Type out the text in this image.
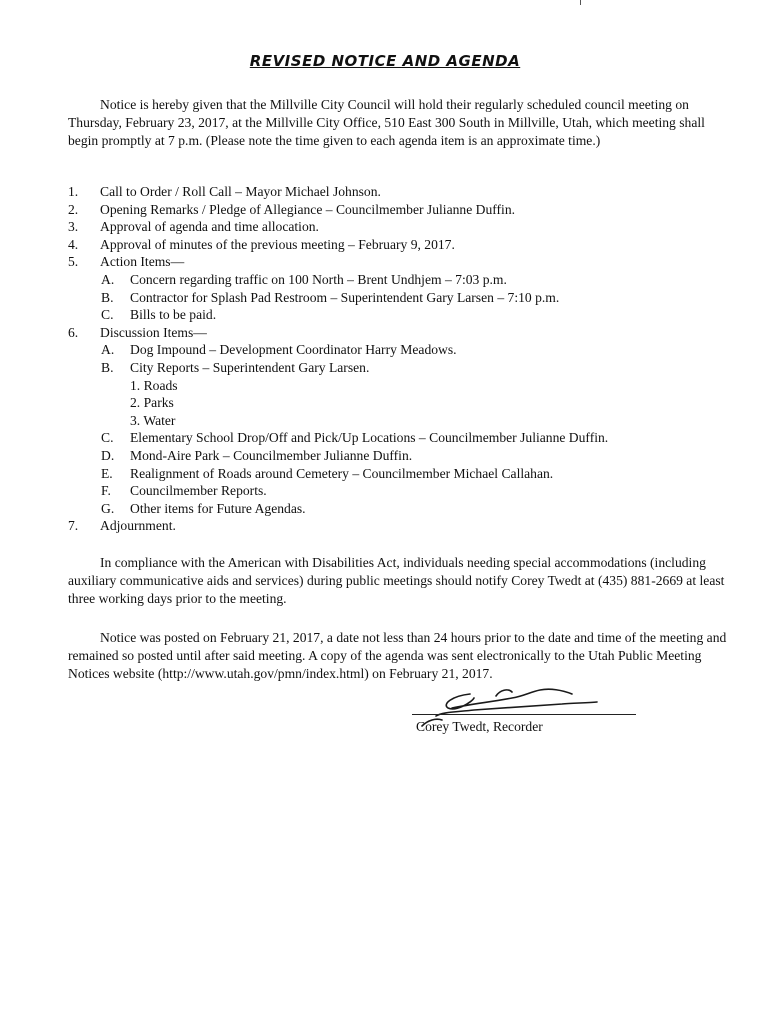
REVISED NOTICE AND AGENDA

Notice is hereby given that the Millville City Council will hold their regularly scheduled council meeting on Thursday, February 23, 2017, at the Millville City Office, 510 East 300 South in Millville, Utah, which meeting shall begin promptly at 7 p.m. (Please note the time given to each agenda item is an approximate time.)

1. Call to Order / Roll Call – Mayor Michael Johnson.
2. Opening Remarks / Pledge of Allegiance – Councilmember Julianne Duffin.
3. Approval of agenda and time allocation.
4. Approval of minutes of the previous meeting – February 9, 2017.
5. Action Items—
A. Concern regarding traffic on 100 North – Brent Undhjem – 7:03 p.m.
B. Contractor for Splash Pad Restroom – Superintendent Gary Larsen – 7:10 p.m.
C. Bills to be paid.
6. Discussion Items—
A. Dog Impound – Development Coordinator Harry Meadows.
B. City Reports – Superintendent Gary Larsen.
1. Roads
2. Parks
3. Water
C. Elementary School Drop/Off and Pick/Up Locations – Councilmember Julianne Duffin.
D. Mond-Aire Park – Councilmember Julianne Duffin.
E. Realignment of Roads around Cemetery – Councilmember Michael Callahan.
F. Councilmember Reports.
G. Other items for Future Agendas.
7. Adjournment.

In compliance with the American with Disabilities Act, individuals needing special accommodations (including auxiliary communicative aids and services) during public meetings should notify Corey Twedt at (435) 881-2669 at least three working days prior to the meeting.

Notice was posted on February 21, 2017, a date not less than 24 hours prior to the date and time of the meeting and remained so posted until after said meeting. A copy of the agenda was sent electronically to the Utah Public Meeting Notices website (http://www.utah.gov/pmn/index.html) on February 21, 2017.

Corey Twedt, Recorder
